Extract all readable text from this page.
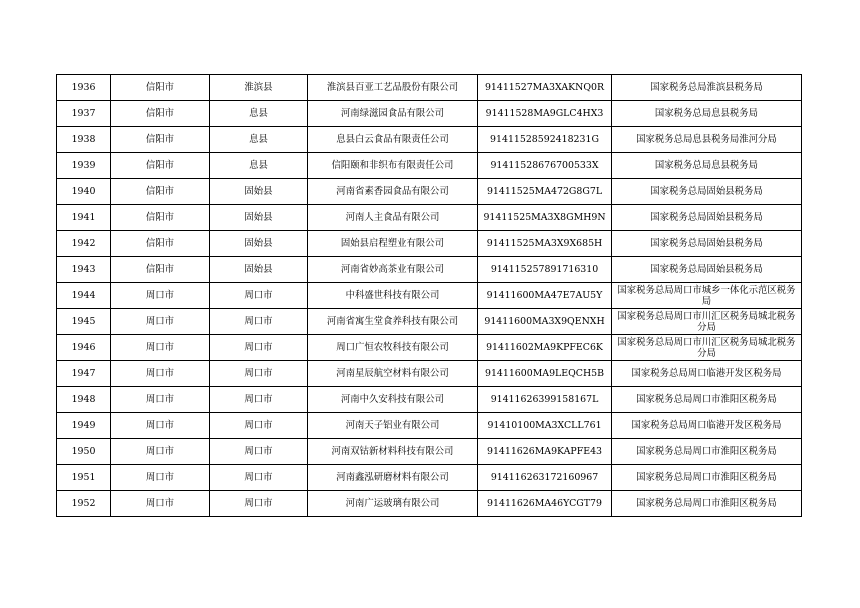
1936	信阳市	淮滨县	淮滨县百亚工艺品股份有限公司	91411527MA3XAKNQ0R	国家税务总局淮滨县税务局
1937	信阳市	息县	河南绿滋园食品有限公司	91411528MA9GLC4HX3	国家税务总局息县税务局
1938	信阳市	息县	息县白云食品有限责任公司	91411528592418231G	国家税务总局息县税务局淮河分局
1939	信阳市	息县	信阳颐和非织布有限责任公司	91411528676700533X	国家税务总局息县税务局
1940	信阳市	固始县	河南省素香园食品有限公司	91411525MA472G8G7L	国家税务总局固始县税务局
1941	信阳市	固始县	河南人主食品有限公司	91411525MA3X8GMH9N	国家税务总局固始县税务局
1942	信阳市	固始县	固始县启程塑业有限公司	91411525MA3X9X685H	国家税务总局固始县税务局
1943	信阳市	固始县	河南省妙高茶业有限公司	914115257891716310	国家税务总局固始县税务局
1944	周口市	周口市	中科盛世科技有限公司	91411600MA47E7AU5Y	国家税务总局周口市城乡一体化示范区税务局
1945	周口市	周口市	河南省寓生堂食养科技有限公司	91411600MA3X9QENXH	国家税务总局周口市川汇区税务局城北税务分局
1946	周口市	周口市	周口广恒农牧科技有限公司	91411602MA9KPFEC6K	国家税务总局周口市川汇区税务局城北税务分局
1947	周口市	周口市	河南星辰航空材料有限公司	91411600MA9LEQCH5B	国家税务总局周口临港开发区税务局
1948	周口市	周口市	河南中久安科技有限公司	91411626399158167L	国家税务总局周口市淮阳区税务局
1949	周口市	周口市	河南天子铝业有限公司	91410100MA3XCLL761	国家税务总局周口临港开发区税务局
1950	周口市	周口市	河南双钴新材料科技有限公司	91411626MA9KAPFE43	国家税务总局周口市淮阳区税务局
1951	周口市	周口市	河南鑫泓研磨材料有限公司	914116263172160967	国家税务总局周口市淮阳区税务局
1952	周口市	周口市	河南广运玻璃有限公司	91411626MA46YCGT79	国家税务总局周口市淮阳区税务局
